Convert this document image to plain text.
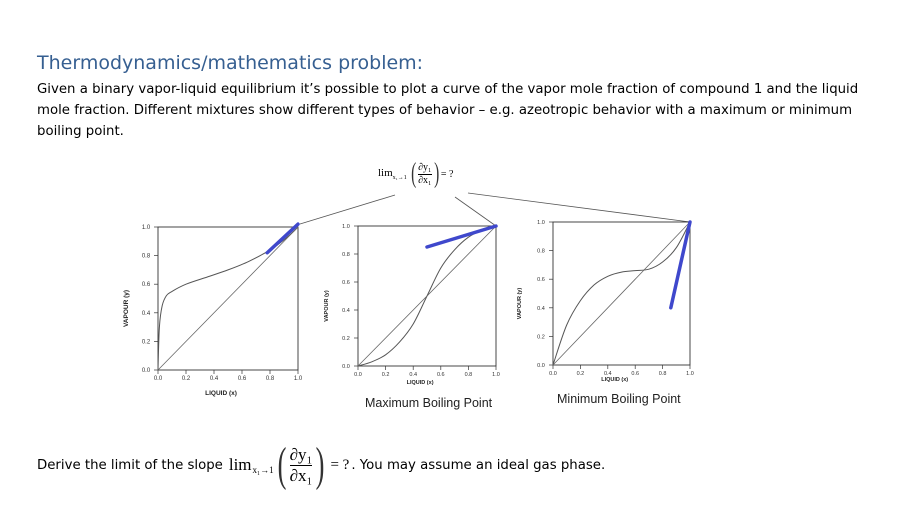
Thermodynamics/mathematics problem:
Given a binary vapor-liquid equilibrium it’s possible to plot a curve of the vapor mole fraction of compound 1 and the liquid mole fraction. Different mixtures show different types of behavior – e.g. azeotropic behavior with a maximum or minimum boiling point.
0.0	0.2	0.4	0.6	0.8	1.0
0.0
0.2
0.4
0.6
0.8
1.0
LIQUID (x)
VAPOUR (y)
0.0	0.2	0.4	0.6	0.8	1.0
0.0
0.2
0.4
0.6
0.8
1.0
LIQUID (x)
VAPOUR (y)
0.0	0.2	0.4	0.6	0.8	1.0
0.0
0.2
0.4
0.6
0.8
1.0
LIQUID (x)
VAPOUR (y)
$\lim_{x_1\to 1}$ ( $\frac{\text{∂y₁}}{\text{∂x₁}}$ ) = ?
Maximum Boiling Point	Minimum Boiling Point
Derive the limit of the slope $\lim_{x_1\to 1}$ ( $\frac{\text{∂y₁}}{\text{∂x₁}}$ ) = ? . You may assume an ideal gas phase.
